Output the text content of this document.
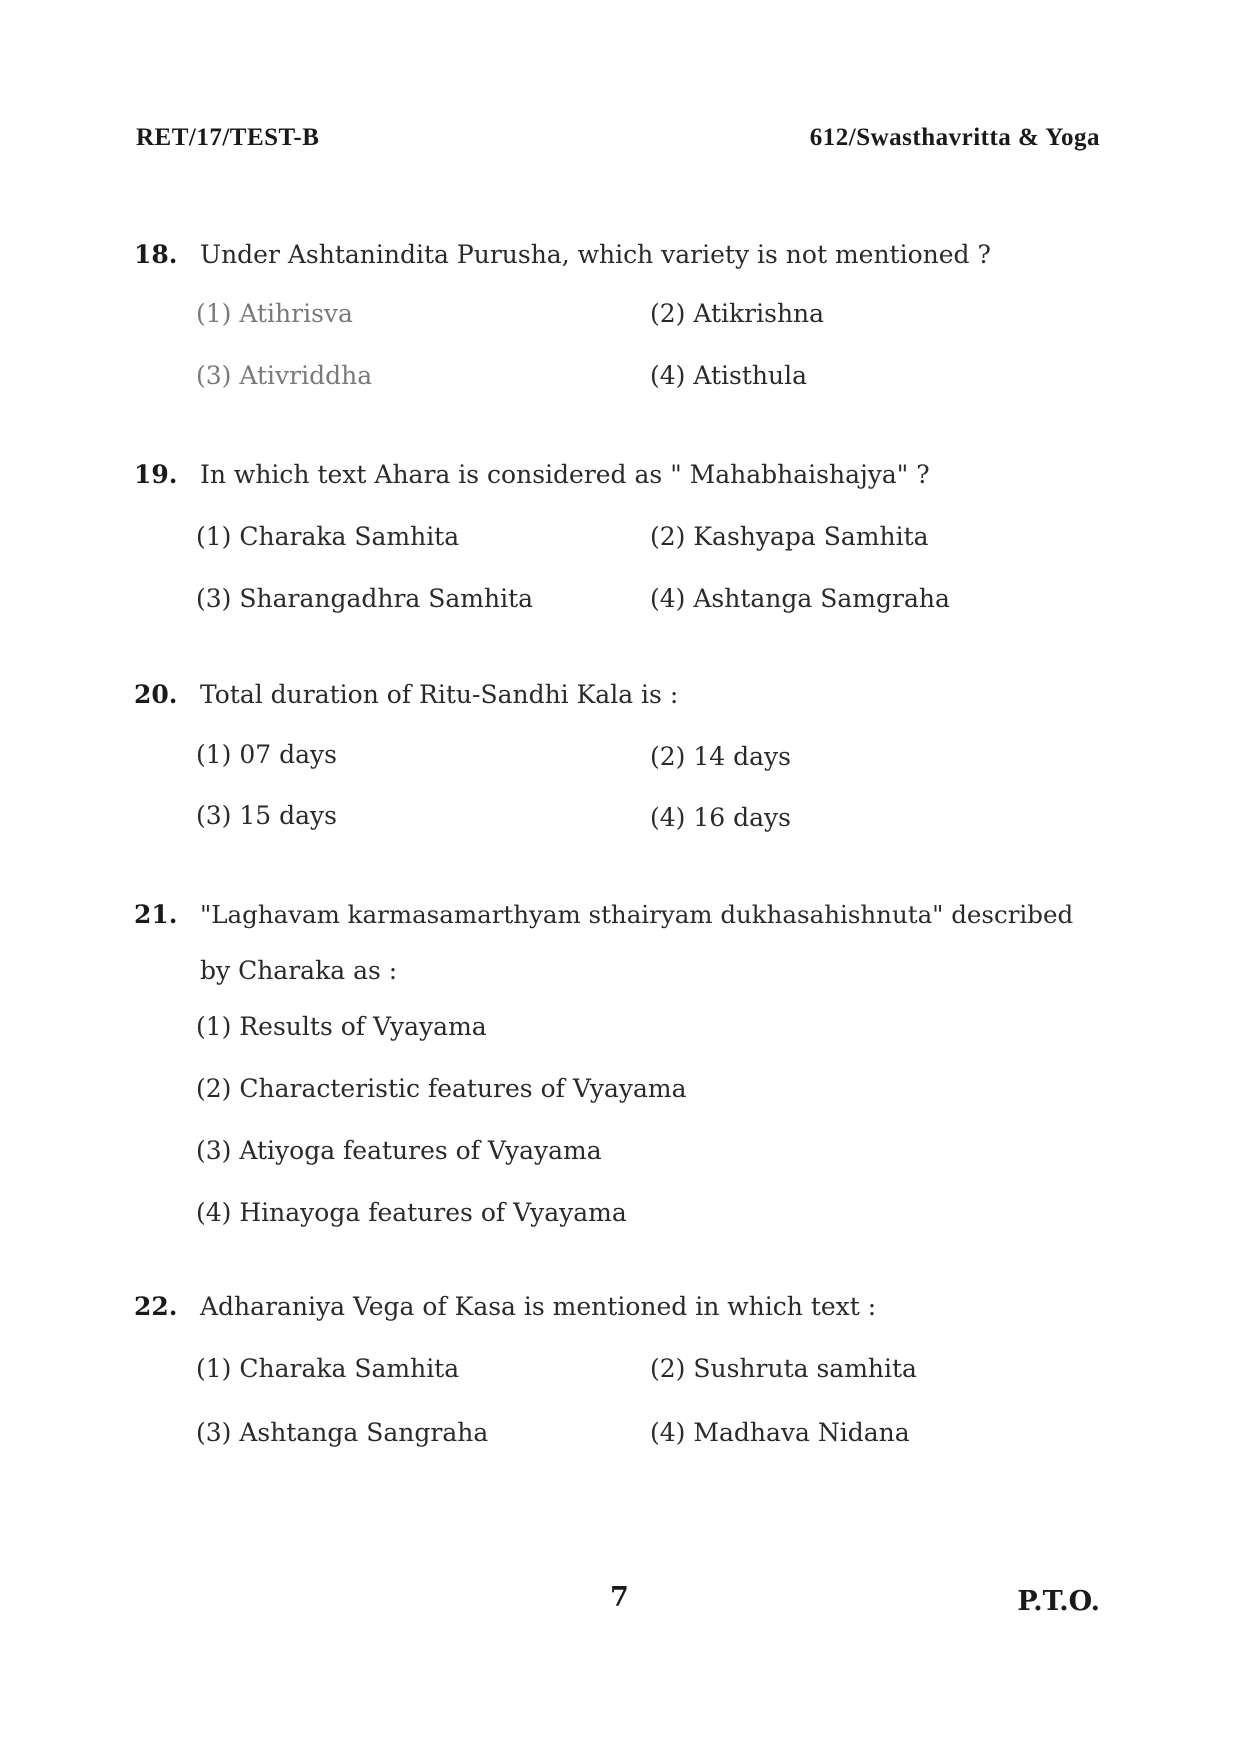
RET/17/TEST-B	612/Swasthavritta & Yoga
18. Under Ashtanindita Purusha, which variety is not mentioned ?
(1) Atihrisva	(2) Atikrishna
(3) Ativriddha	(4) Atisthula
19. In which text Ahara is considered as " Mahabhaishajya" ?
(1) Charaka Samhita	(2) Kashyapa Samhita
(3) Sharangadhra Samhita	(4) Ashtanga Samgraha
20. Total duration of Ritu-Sandhi Kala is :
(1) 07 days	(2) 14 days
(3) 15 days	(4) 16 days
21. "Laghavam karmasamarthyam sthairyam dukhasahishnuta" described
by Charaka as :
(1) Results of Vyayama
(2) Characteristic features of Vyayama
(3) Atiyoga features of Vyayama
(4) Hinayoga features of Vyayama
22. Adharaniya Vega of Kasa is mentioned in which text :
(1) Charaka Samhita	(2) Sushruta samhita
(3) Ashtanga Sangraha	(4) Madhava Nidana
7	P.T.O.
